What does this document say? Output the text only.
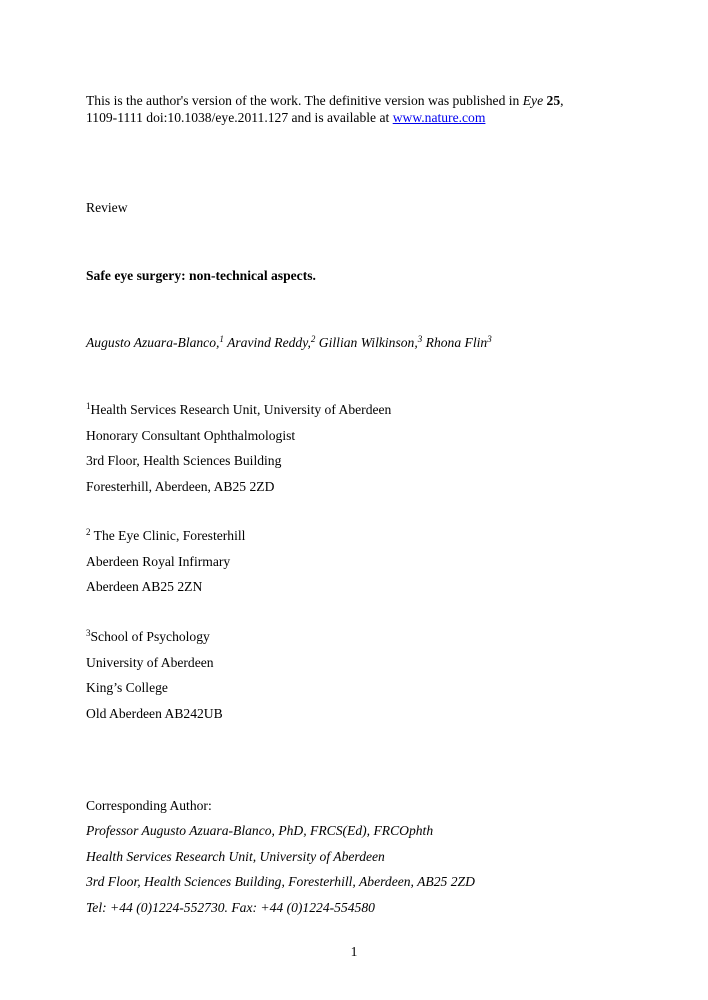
This is the author's version of the work. The definitive version was published in Eye 25,
1109-1111 doi:10.1038/eye.2011.127 and is available at www.nature.com
Review
Safe eye surgery: non-technical aspects.
Augusto Azuara-Blanco,$^1$ Aravind Reddy,$^2$ Gillian Wilkinson,$^3$ Rhona Flin$^3$
$^1$Health Services Research Unit, University of Aberdeen
Honorary Consultant Ophthalmologist
3rd Floor, Health Sciences Building
Foresterhill, Aberdeen, AB25 2ZD
$^2$ The Eye Clinic, Foresterhill
Aberdeen Royal Infirmary
Aberdeen AB25 2ZN
$^3$School of Psychology
University of Aberdeen
King’s College
Old Aberdeen AB242UB
Corresponding Author:
Professor Augusto Azuara-Blanco, PhD, FRCS(Ed), FRCOphth
Health Services Research Unit, University of Aberdeen
3rd Floor, Health Sciences Building, Foresterhill, Aberdeen, AB25 2ZD
Tel: +44 (0)1224-552730. Fax: +44 (0)1224-554580
1
